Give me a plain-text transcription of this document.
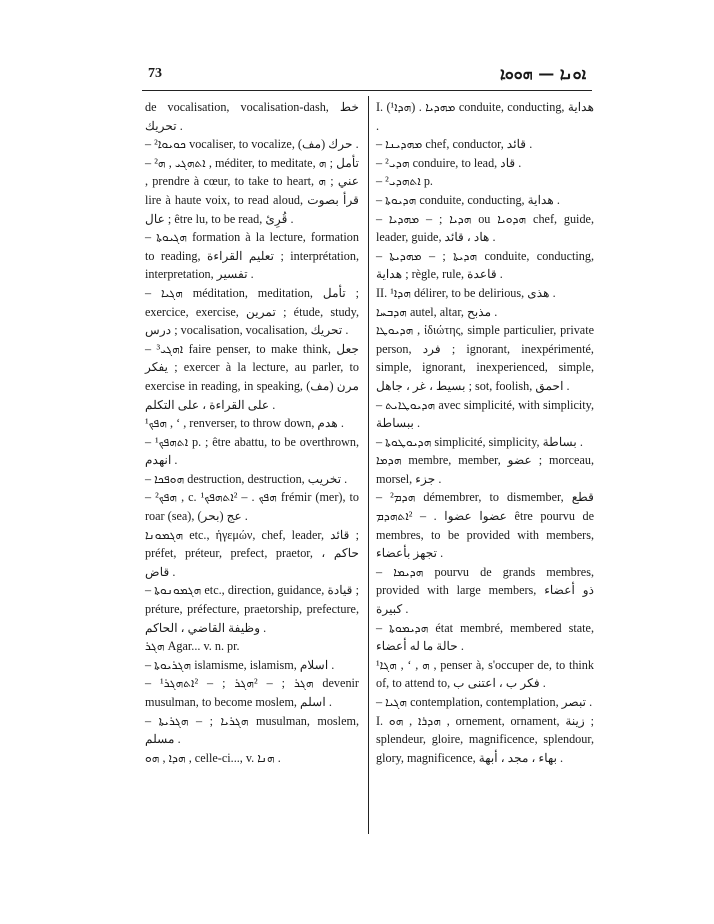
73	ܐܘܢܐ — ܗܘܘܐ

de vocalisation, vocalisation-dash, خط تحريك .

– ²ܟܘܝܘܐ vocaliser, to vocalize, (مف) حرك .

– ²ܐܬܗܓܝ , ܗ , méditer, to meditate, تأمل ; ܗ , prendre à cœur, to take to heart, عني ; ܗ lire à haute voix, to read aloud, قرأ بصوت عال ; être lu, to be read, قُرِئ .

– ܗܓܝܘܬܐ formation à la lecture, formation to reading, تعليم القراءة ; interprétation, interpretation, تفسير .

– ܗܓܝܐ méditation, meditation, تأمل ; exercice, exercise, تمرين ; étude, study, درس ; vocalisation, vocalisation, تحريك .

– ³ܐܗܓܝ faire penser, to make think, جعل يفكر ; exercer à la lecture, au parler, to exercise in reading, in speaking, مرن (مف) على القراءة ، على التكلم .

¹ܗܦܟ , ʻ , renverser, to throw down, هدم .

– ¹ܐܬܗܦܟ p. ; être abattu, to be overthrown, انهدم .

– ܗܘܦܟܐ destruction, destruction, تخريب .

– ²ܗܦܟ , c. ¹ܗܦܟ . – ²ܐܬܗܦܟ frémir (mer), to roar (sea), عج (بحر) .

ܗܓܡܘܢܐ etc., ἡγεμών, chef, leader, قائد ; préfet, préteur, prefect, praetor, حاكم ، قاض .

– ܗܓܡܘܢܘܬܐ etc., direction, guidance, قيادة ; préture, préfecture, praetorship, prefecture, وظيفة القاضي ، الحاكم .

ܗܓܪ Agar... v. n. pr.

– ܗܓܪܝܘܬܐ islamisme, islamism, اسلام .

– ¹ܗܓܪ ; – ²ܗܓܪ ; – ²ܐܬܗܓܪ devenir musulman, to become moslem, اسلم .

– ܗܓܪܝܐ ; – ܗܓܪܝܬܐ musulman, moslem, مسلم .

ܗܕܐ , ܗܘ , celle-ci..., v. ܗܢܐ .

I. (¹ܗܕܐ) . ܡܗܕܝܐ conduite, conducting, هداية .

– ܡܗܕܝܢܐ chef, conductor, قائد .

– ²ܗܕܝ conduire, to lead, قاد .

– ²ܐܬܗܕܝ p.

– ܗܕܝܘܬܐ conduite, conducting, هداية .

– ܗܕܝܐ ; – ܡܗܕܝܐ ou ܗܕܘܝܐ chef, guide, leader, guide, هاد ، قائد .

– ܗܕܝܬܐ ; – ܡܗܕܝܬܐ conduite, conducting, هداية ; règle, rule, قاعدة .

II. ¹ܗܕܐ délirer, to be delirious, هذى .

ܗܕܒܚܐ autel, altar, مذبح .

ܗܕܝܘܛܐ , ἰδιώτης, simple particulier, private person, فرد ; ignorant, inexpérimenté, simple, ignorant, inexperienced, simple, بسيط ، غر ، جاهل ; sot, foolish, احمق .

– ܗܕܝܘܛܐܝܬ avec simplicité, with simplicity, ببساطة .

– ܗܕܝܘܛܘܬܐ simplicité, simplicity, بساطة .

ܗܕܡܐ membre, member, عضو ; morceau, morsel, جزء .

– ²ܗܕܡ démembrer, to dismember, قطع عضوا عضوا . – ²ܐܬܗܕܡ être pourvu de membres, to be provided with members, تجهز بأعضاء .

– ܗܕܝܡܐ pourvu de grands membres, provided with large members, ذو أعضاء كبيرة .

– ܗܕܝܡܘܬܐ état membré, membered state, حالة ما له أعضاء .

¹ܗܓܐ , ʻ , ܗ , penser à, s'occuper de, to think of, to attend to, فكر ب ، اعتنى ب .

– ܗܓܝܐ contemplation, contemplation, تبصر .

I. ܗܕܪܐ , ܗܘ , ornement, ornament, زينة ; splendeur, gloire, magnificence, splendour, glory, magnificence, بهاء ، مجد ، أبهة .
